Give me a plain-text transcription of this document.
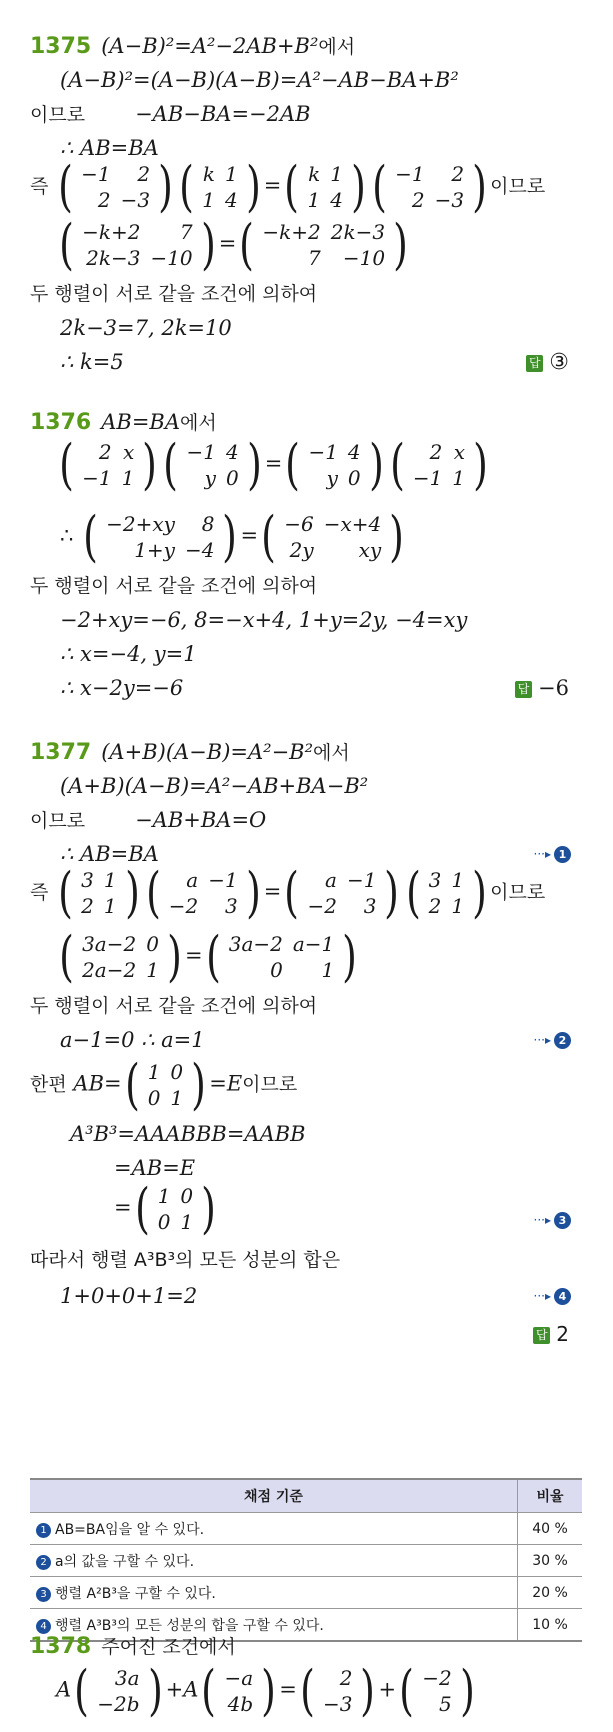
1375 (A−B)²=A²−2AB+B²에서
(A−B)²=(A−B)(A−B)=A²−AB−BA+B²
이므로 −AB−BA=−2AB
∴ AB=BA
즉 ( −1	2
2	−3 ) ( k	1
1	4 ) = ( k	1
1	4 ) ( −1	2
2	−3 ) 이므로
( −k+2	7
2k−3	−10 ) = ( −k+2	2k−3
7	−10 )
두 행렬이 서로 같을 조건에 의하여
2k−3=7, 2k=10
∴ k=5	답 ③
1376 AB=BA에서
( 2	x
−1	1 ) ( −1	4
y	0 ) = ( −1	4
y	0 ) ( 2	x
−1	1 )
∴ ( −2+xy	8
1+y	−4 ) = ( −6	−x+4
2y	xy )
두 행렬이 서로 같을 조건에 의하여
−2+xy=−6, 8=−x+4, 1+y=2y, −4=xy
∴ x=−4, y=1
∴ x−2y=−6	답 −6
1377 (A+B)(A−B)=A²−B²에서
(A+B)(A−B)=A²−AB+BA−B²
이므로 −AB+BA=O
∴ AB=BA	···▸ 1
즉 ( 3	1
2	1 ) ( a	−1
−2	3 ) = ( a	−1
−2	3 ) ( 3	1
2	1 ) 이므로
( 3a−2	0
2a−2	1 ) = ( 3a−2	a−1
0	1 )
두 행렬이 서로 같을 조건에 의하여
a−1=0 ∴ a=1	···▸ 2
한편 AB= ( 1	0
0	1 ) =E이므로
A³B³=AAABBB=AABB
=AB=E
= ( 1	0
0	1 )	···▸ 3
따라서 행렬 A³B³의 모든 성분의 합은
1+0+0+1=2	···▸ 4
답 2
채점 기준	비율
1 AB=BA임을 알 수 있다.	40 %
2 a의 값을 구할 수 있다.	30 %
3 행렬 A²B³을 구할 수 있다.	20 %
4 행렬 A³B³의 모든 성분의 합을 구할 수 있다.	10 %
1378 주어진 조건에서
A ( 3a
−2b ) +A ( −a
4b ) = ( 2
−3 ) + ( −2
5 )
